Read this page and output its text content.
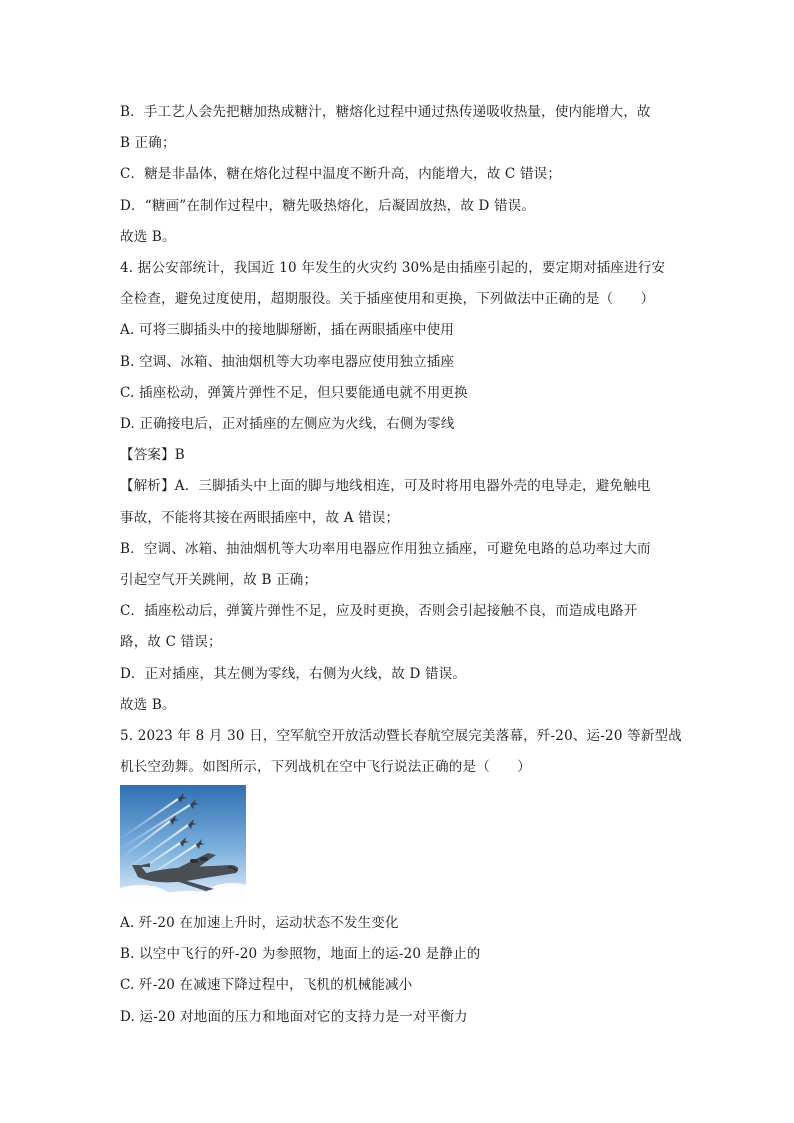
B．手工艺人会先把糖加热成糖汁，糖熔化过程中通过热传递吸收热量，使内能增大，故
B 正确；
C．糖是非晶体，糖在熔化过程中温度不断升高，内能增大，故 C 错误；
D．“糖画”在制作过程中，糖先吸热熔化，后凝固放热，故 D 错误。
故选 B。
4. 据公安部统计，我国近 10 年发生的火灾约 30%是由插座引起的，要定期对插座进行安
全检查，避免过度使用，超期服役。关于插座使用和更换，下列做法中正确的是（　　）
A. 可将三脚插头中的接地脚掰断，插在两眼插座中使用
B. 空调、冰箱、抽油烟机等大功率电器应使用独立插座
C. 插座松动，弹簧片弹性不足，但只要能通电就不用更换
D. 正确接电后，正对插座的左侧应为火线，右侧为零线
【答案】B
【解析】A．三脚插头中上面的脚与地线相连，可及时将用电器外壳的电导走，避免触电
事故，不能将其接在两眼插座中，故 A 错误；
B．空调、冰箱、抽油烟机等大功率用电器应作用独立插座，可避免电路的总功率过大而
引起空气开关跳闸，故 B 正确；
C．插座松动后，弹簧片弹性不足，应及时更换，否则会引起接触不良，而造成电路开
路，故 C 错误；
D．正对插座，其左侧为零线，右侧为火线，故 D 错误。
故选 B。
5. 2023 年 8 月 30 日，空军航空开放活动暨长春航空展完美落幕，歼-20、运-20 等新型战
机长空劲舞。如图所示，下列战机在空中飞行说法正确的是（　　）
A. 歼-20 在加速上升时，运动状态不发生变化
B. 以空中飞行的歼-20 为参照物，地面上的运-20 是静止的
C. 歼-20 在减速下降过程中，飞机的机械能减小
D. 运-20 对地面的压力和地面对它的支持力是一对平衡力
